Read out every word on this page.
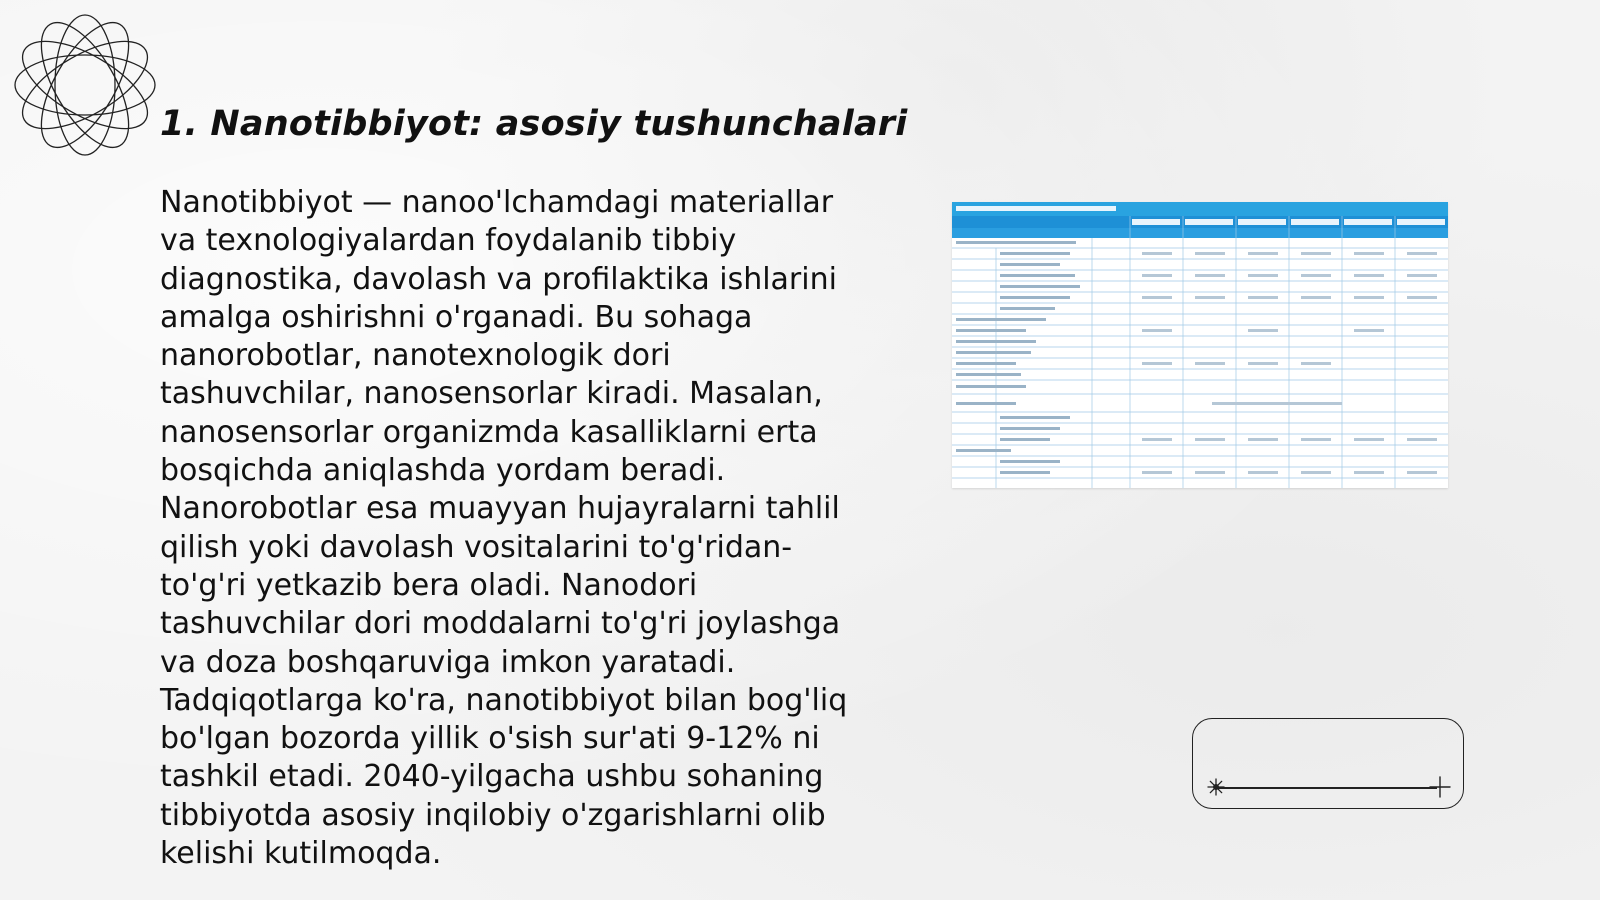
1. Nanotibbiyot: asosiy tushunchalari

Nanotibbiyot — nanoo'lchamdagi materiallar va texnologiyalardan foydalanib tibbiy diagnostika, davolash va profilaktika ishlarini amalga oshirishni o'rganadi. Bu sohaga nanorobotlar, nanotexnologik dori tashuvchilar, nanosensorlar kiradi. Masalan, nanosensorlar organizmda kasalliklarni erta bosqichda aniqlashda yordam beradi. Nanorobotlar esa muayyan hujayralarni tahlil qilish yoki davolash vositalarini to'g'ridan-to'g'ri yetkazib bera oladi. Nanodori tashuvchilar dori moddalarni to'g'ri joylashga va doza boshqaruviga imkon yaratadi. Tadqiqotlarga ko'ra, nanotibbiyot bilan bog'liq bo'lgan bozorda yillik o'sish sur'ati 9-12% ni tashkil etadi. 2040-yilgacha ushbu sohaning tibbiyotda asosiy inqilobiy o'zgarishlarni olib kelishi kutilmoqda.
